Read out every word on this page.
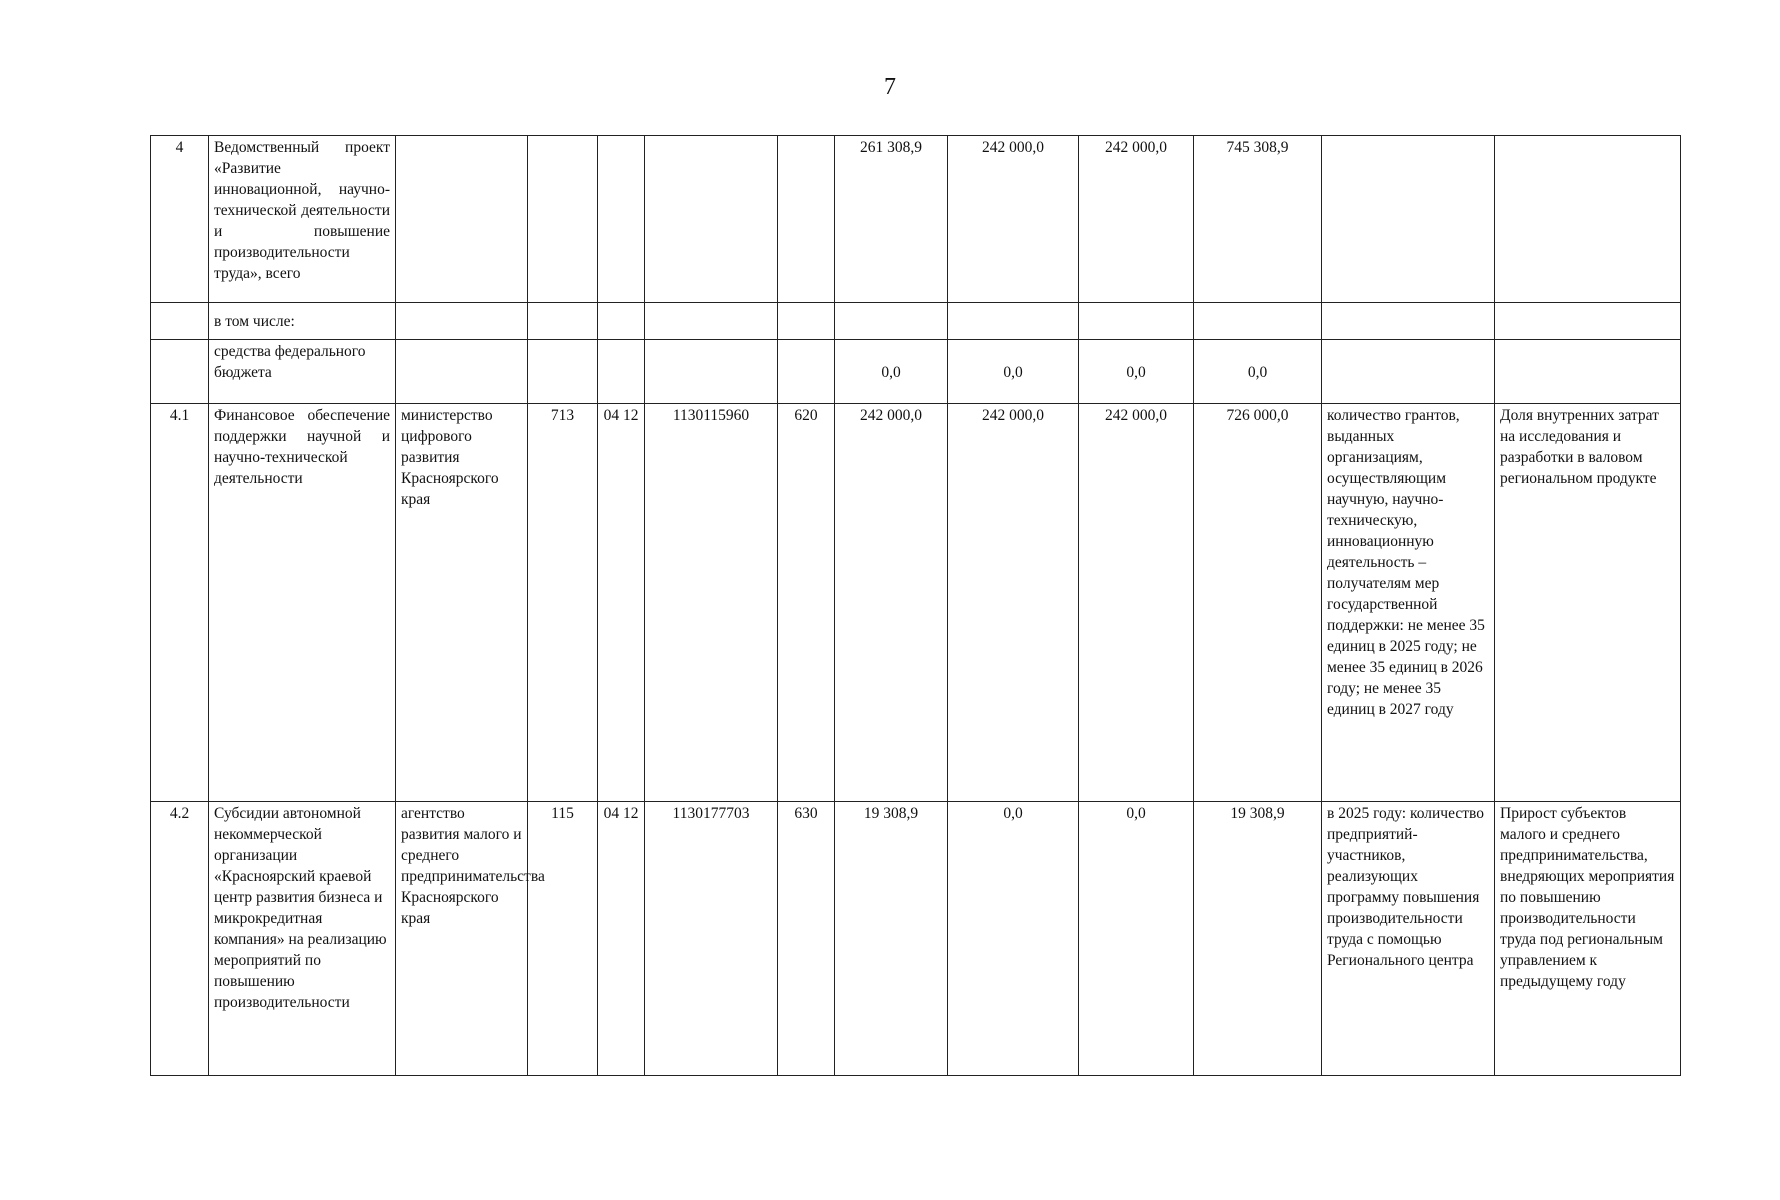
7
4	Ведомственный проект «Развитие инновационной, научно-технической деятельности и повышение производительности труда», всего						261 308,9	242 000,0	242 000,0	745 308,9		
	в том числе:											
	средства федерального бюджета						0,0	0,0	0,0	0,0		
4.1	Финансовое обеспечение поддержки научной и научно-технической деятельности	министерство цифрового развития Красноярского края	713	04 12	1130115960	620	242 000,0	242 000,0	242 000,0	726 000,0	количество грантов, выданных организациям, осуществляющим научную, научно-техническую, инновационную деятельность – получателям мер государственной поддержки: не менее 35 единиц в 2025 году; не менее 35 единиц в 2026 году; не менее 35 единиц в 2027 году	Доля внутренних затрат на исследования и разработки в валовом региональном продукте
4.2	Субсидии автономной некоммерческой организации «Красноярский краевой центр развития бизнеса и микрокредитная компания» на реализацию мероприятий по повышению производительности	агентство развития малого и среднего предпринимательства Красноярского края	115	04 12	1130177703	630	19 308,9	0,0	0,0	19 308,9	в 2025 году: количество предприятий-участников, реализующих программу повышения производительности труда с помощью Регионального центра	Прирост субъектов малого и среднего предпринимательства, внедряющих мероприятия по повышению производительности труда под региональным управлением к предыдущему году
